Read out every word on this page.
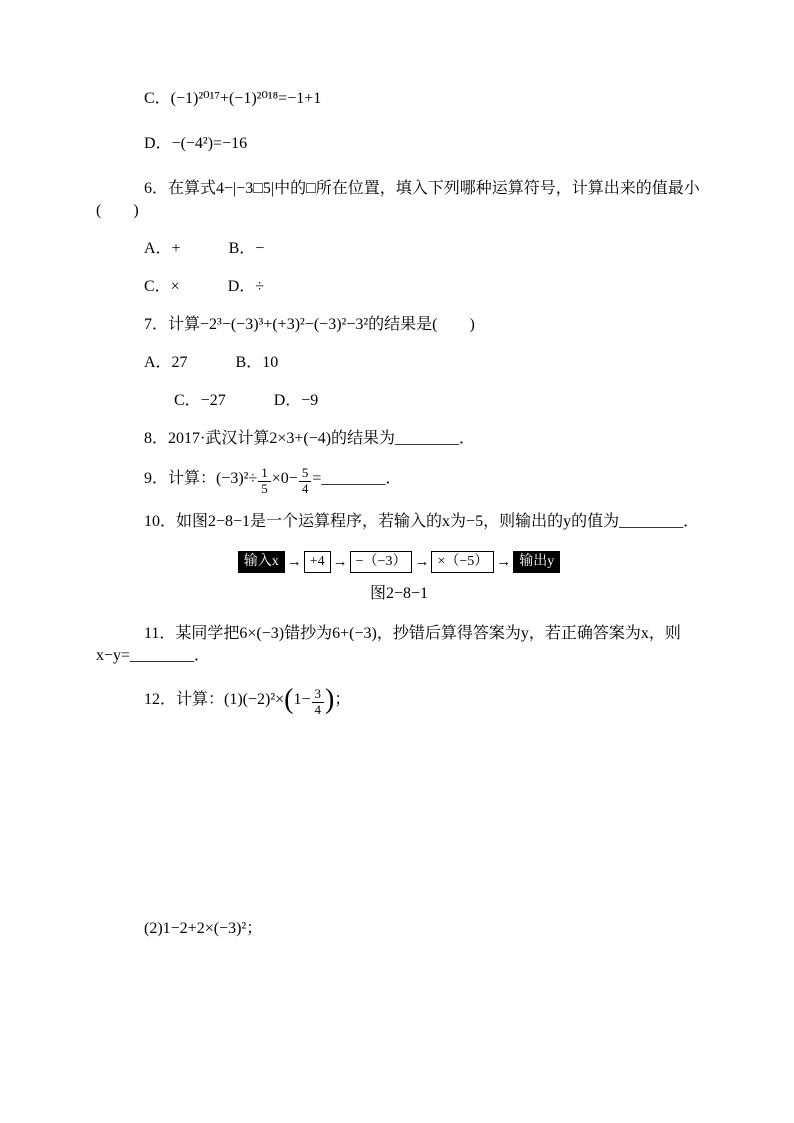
C．(−1)²⁰¹⁷+(−1)²⁰¹⁸=−1+1

D．−(−4²)=−16

6．在算式4−|−3□5|中的□所在位置，填入下列哪种运算符号，计算出来的值最小(　　)

A．+　　　B．−

C．×　　　D．÷

7．计算−2³−(−3)³+(+3)²−(−3)²−3²的结果是(　　)

A．27　　　B．10

C．−27　　　D．−9

8．2017·武汉计算2×3+(−4)的结果为________．

9．计算：$(-3)^2\div \frac{1}{5} \times 0- \frac{5}{4}$ =________．

10．如图2−8−1是一个运算程序，若输入的x为−5，则输出的y的值为________．

输入x → +4 → −（−3） → ×（−5） → 输出y

图2−8−1

11．某同学把6×(−3)错抄为6+(−3)，抄错后算得答案为y，若正确答案为x，则x−y=________．

12．计算：$(1)(-2)^2\times(1- \frac{3}{4}$ )；

(2)1−2+2×(−3)²；
